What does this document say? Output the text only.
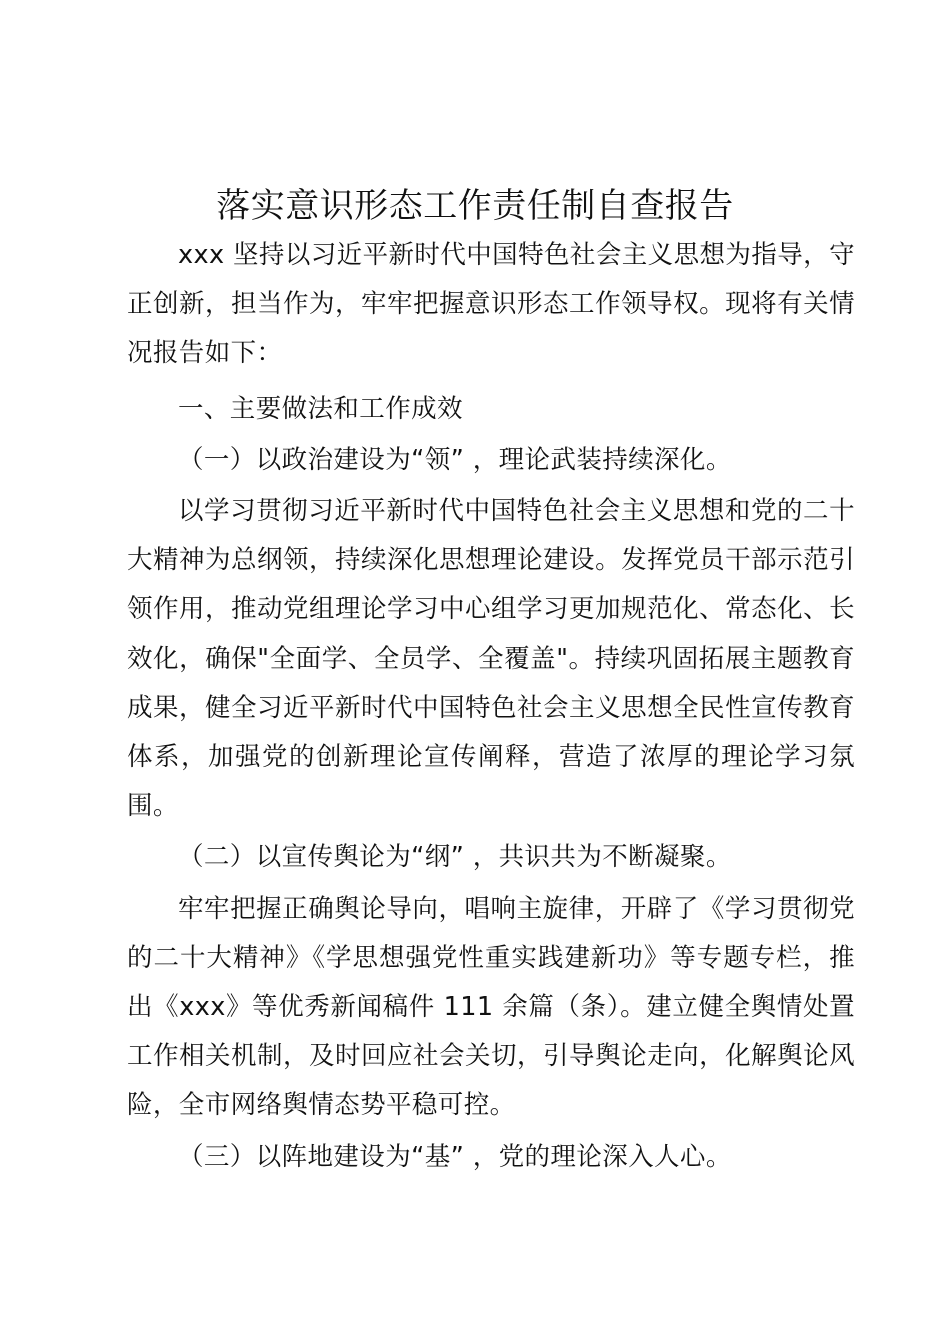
落实意识形态工作责任制自查报告

xxx 坚持以习近平新时代中国特色社会主义思想为指导，守正创新，担当作为，牢牢把握意识形态工作领导权。现将有关情况报告如下：

一、主要做法和工作成效

（一）以政治建设为“领” ，理论武装持续深化。

以学习贯彻习近平新时代中国特色社会主义思想和党的二十大精神为总纲领，持续深化思想理论建设。发挥党员干部示范引领作用，推动党组理论学习中心组学习更加规范化、常态化、长效化，确保"全面学、全员学、全覆盖"。持续巩固拓展主题教育成果，健全习近平新时代中国特色社会主义思想全民性宣传教育体系，加强党的创新理论宣传阐释，营造了浓厚的理论学习氛围。

（二）以宣传舆论为“纲” ，共识共为不断凝聚。

牢牢把握正确舆论导向，唱响主旋律，开辟了《学习贯彻党的二十大精神》《学思想强党性重实践建新功》等专题专栏，推出《xxx》等优秀新闻稿件 111 余篇（条）。建立健全舆情处置工作相关机制，及时回应社会关切，引导舆论走向，化解舆论风险，全市网络舆情态势平稳可控。

（三）以阵地建设为“基” ，党的理论深入人心。
